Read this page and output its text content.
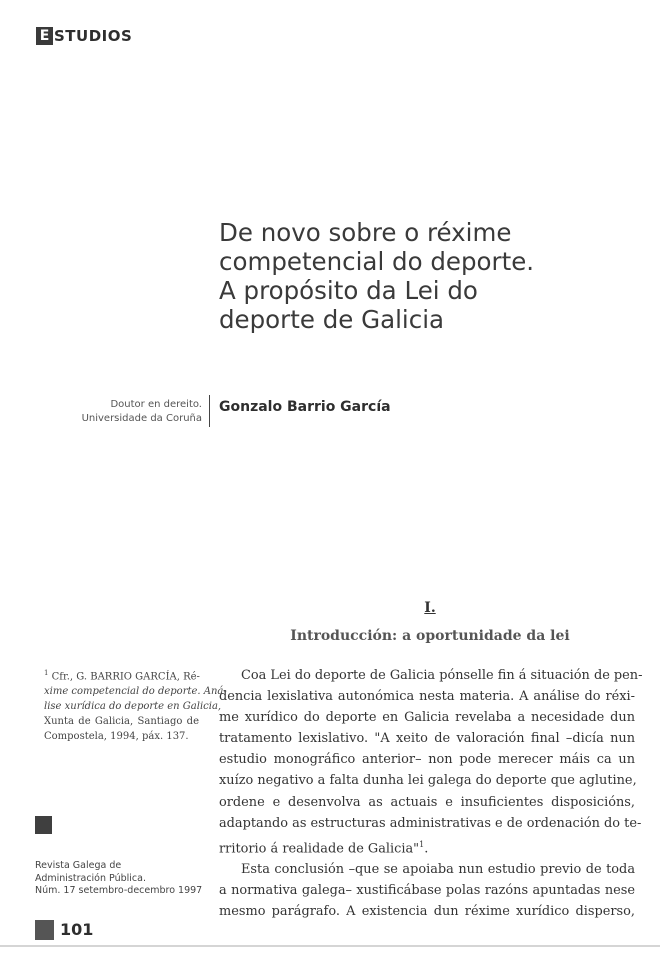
E STUDIOS
De novo sobre o réxime
competencial do deporte.
A propósito da Lei do
deporte de Galicia
Doutor en dereito.
Universidade da Coruña
Gonzalo Barrio García
I.
Introducción: a oportunidade da lei
Coa Lei do deporte de Galicia pónselle fin á situación de pen-
dencia lexislativa autonómica nesta materia. A análise do réxi-
me xurídico do deporte en Galicia revelaba a necesidade dun
tratamento lexislativo. "A xeito de valoración final –dicía nun
estudio monográfico anterior– non pode merecer máis ca un
xuízo negativo a falta dunha lei galega do deporte que aglutine,
ordene e desenvolva as actuais e insuficientes disposicións,
adaptando as estructuras administrativas e de ordenación do te-
rritorio á realidade de Galicia"$^1$.
Esta conclusión –que se apoiaba nun estudio previo de toda
a normativa galega– xustificábase polas razóns apuntadas nese
mesmo parágrafo. A existencia dun réxime xurídico disperso,
$^1$ Cfr., G. BARRIO GARCÍA, Ré-
xime competencial do deporte. Aná-
lise xurídica do deporte en Galicia,
Xunta de Galicia, Santiago de
Compostela, 1994, páx. 137.
Revista Galega de
Administración Pública.
Núm. 17 setembro-decembro 1997
101
